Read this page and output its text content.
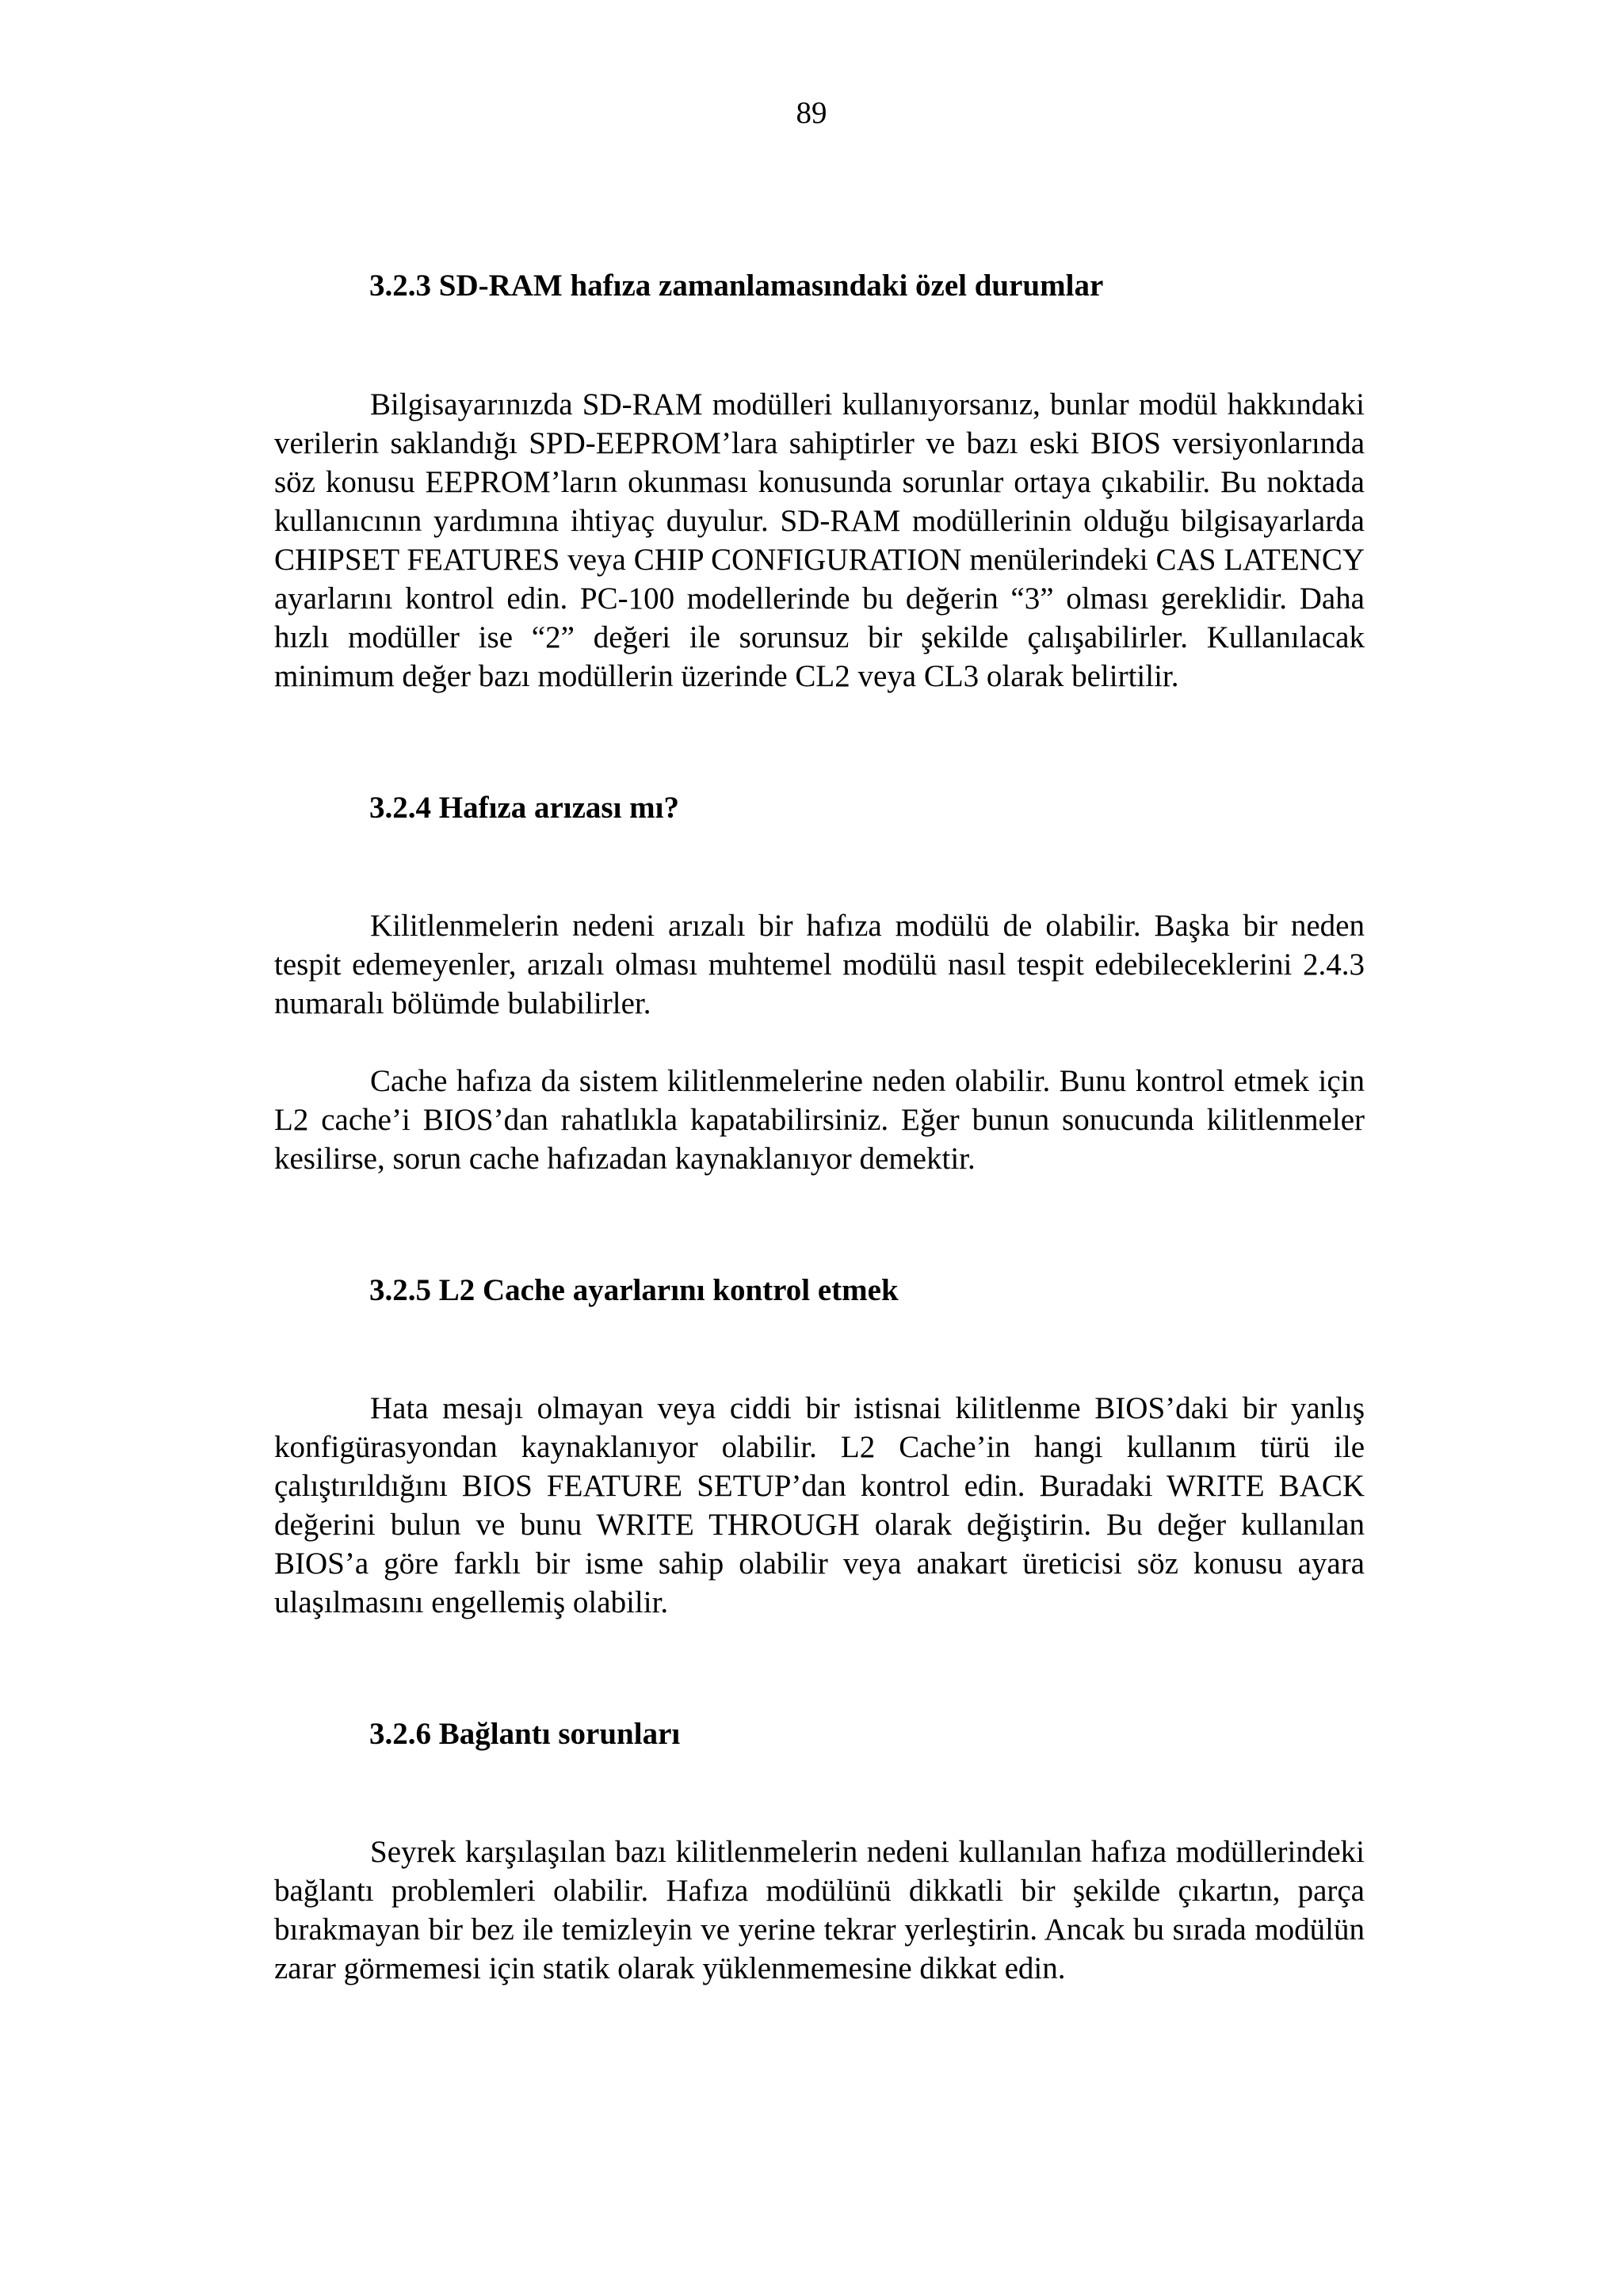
89
3.2.3 SD-RAM hafıza zamanlamasındaki özel durumlar

Bilgisayarınızda SD-RAM modülleri kullanıyorsanız, bunlar modül hakkındaki verilerin saklandığı SPD-EEPROM’lara sahiptirler ve bazı eski BIOS versiyonlarında söz konusu EEPROM’ların okunması konusunda sorunlar ortaya çıkabilir. Bu noktada kullanıcının yardımına ihtiyaç duyulur. SD-RAM modüllerinin olduğu bilgisayarlarda CHIPSET FEATURES veya CHIP CONFIGURATION menülerindeki CAS LATENCY ayarlarını kontrol edin. PC-100 modellerinde bu değerin “3” olması gereklidir. Daha hızlı modüller ise “2” değeri ile sorunsuz bir şekilde çalışabilirler. Kullanılacak minimum değer bazı modüllerin üzerinde CL2 veya CL3 olarak belirtilir.

3.2.4 Hafıza arızası mı?

Kilitlenmelerin nedeni arızalı bir hafıza modülü de olabilir. Başka bir neden tespit edemeyenler, arızalı olması muhtemel modülü nasıl tespit edebileceklerini 2.4.3 numaralı bölümde bulabilirler.

Cache hafıza da sistem kilitlenmelerine neden olabilir. Bunu kontrol etmek için L2 cache’i BIOS’dan rahatlıkla kapatabilirsiniz. Eğer bunun sonucunda kilitlenmeler kesilirse, sorun cache hafızadan kaynaklanıyor demektir.

3.2.5 L2 Cache ayarlarını kontrol etmek

Hata mesajı olmayan veya ciddi bir istisnai kilitlenme BIOS’daki bir yanlış konfigürasyondan kaynaklanıyor olabilir. L2 Cache’in hangi kullanım türü ile çalıştırıldığını BIOS FEATURE SETUP’dan kontrol edin. Buradaki WRITE BACK değerini bulun ve bunu WRITE THROUGH olarak değiştirin. Bu değer kullanılan BIOS’a göre farklı bir isme sahip olabilir veya anakart üreticisi söz konusu ayara ulaşılmasını engellemiş olabilir.

3.2.6 Bağlantı sorunları

Seyrek karşılaşılan bazı kilitlenmelerin nedeni kullanılan hafıza modüllerindeki bağlantı problemleri olabilir. Hafıza modülünü dikkatli bir şekilde çıkartın, parça bırakmayan bir bez ile temizleyin ve yerine tekrar yerleştirin. Ancak bu sırada modülün zarar görmemesi için statik olarak yüklenmemesine dikkat edin.
